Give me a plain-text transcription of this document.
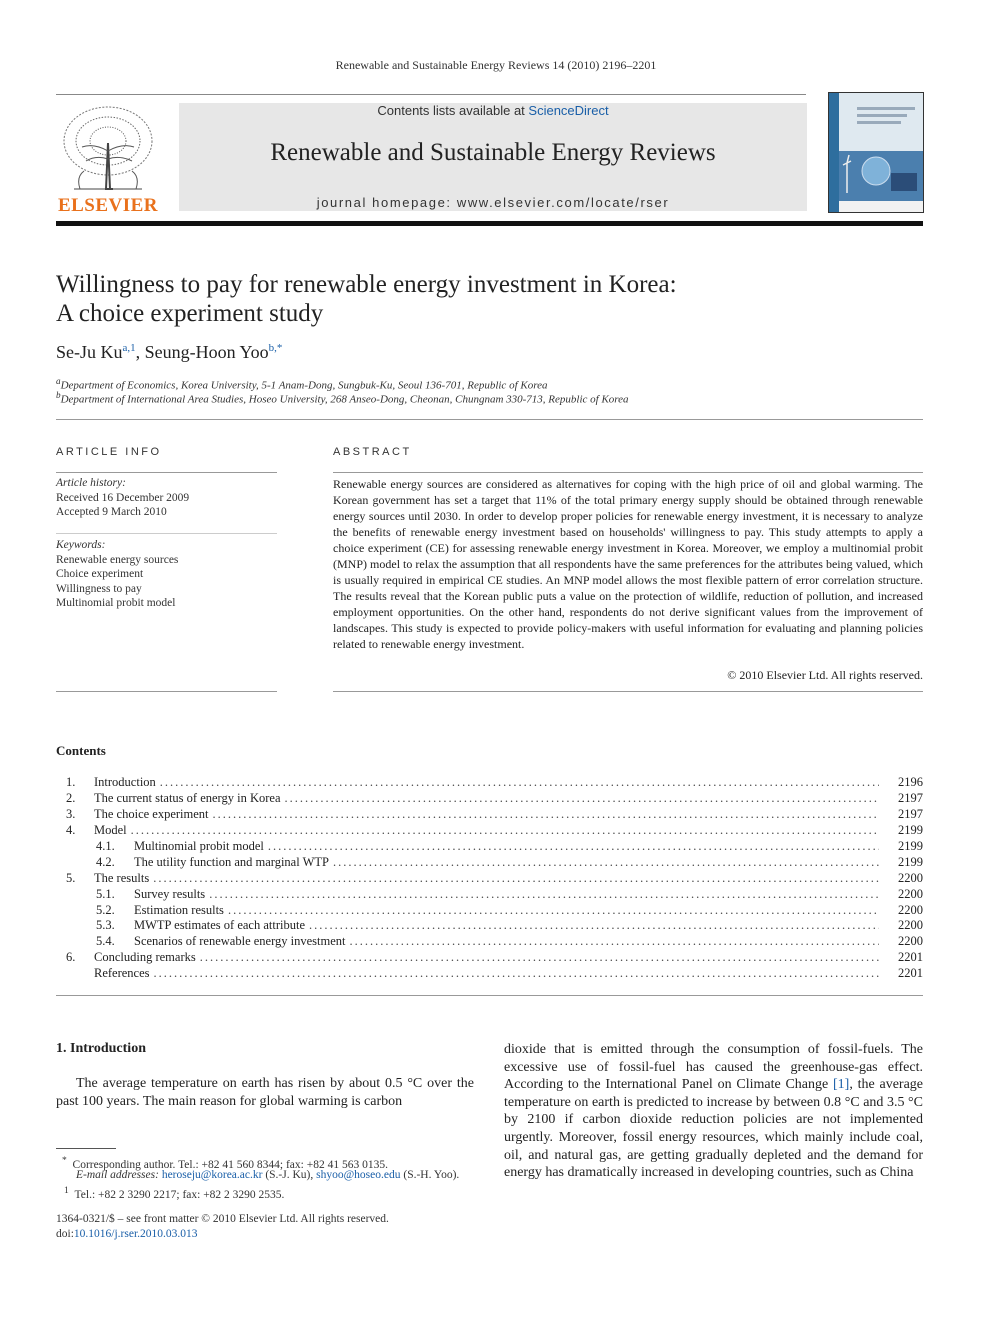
Renewable and Sustainable Energy Reviews 14 (2010) 2196–2201
ELSEVIER
Contents lists available at ScienceDirect
Renewable and Sustainable Energy Reviews
journal homepage: www.elsevier.com/locate/rser
Willingness to pay for renewable energy investment in Korea:
A choice experiment study
Se-Ju Ku$^{a,1}$, Seung-Hoon Yoo$^{b,*}$
$^a$Department of Economics, Korea University, 5-1 Anam-Dong, Sungbuk-Ku, Seoul 136-701, Republic of Korea
$^b$Department of International Area Studies, Hoseo University, 268 Anseo-Dong, Cheonan, Chungnam 330-713, Republic of Korea
ARTICLE INFO
Article history:
Received 16 December 2009
Accepted 9 March 2010
Keywords:
Renewable energy sources
Choice experiment
Willingness to pay
Multinomial probit model
ABSTRACT
Renewable energy sources are considered as alternatives for coping with the high price of oil and global warming. The Korean government has set a target that 11% of the total primary energy supply should be obtained through renewable energy sources until 2030. In order to develop proper policies for renewable energy investment, it is necessary to analyze the benefits of renewable energy investment based on households' willingness to pay. This study attempts to apply a choice experiment (CE) for assessing renewable energy investment in Korea. Moreover, we employ a multinomial probit (MNP) model to relax the assumption that all respondents have the same preferences for the attributes being valued, which is usually required in empirical CE studies. An MNP model allows the most flexible pattern of error correlation structure. The results reveal that the Korean public puts a value on the protection of wildlife, reduction of pollution, and increased employment opportunities. On the other hand, respondents do not derive significant values from the improvement of landscapes. This study is expected to provide policy-makers with useful information for evaluating and planning policies related to renewable energy investment.
© 2010 Elsevier Ltd. All rights reserved.
Contents
1.	Introduction .....	2196
2.	The current status of energy in Korea .....	2197
3.	The choice experiment .....	2197
4.	Model .....	2199
4.1.	Multinomial probit model .....	2199
4.2.	The utility function and marginal WTP .....	2199
5.	The results .....	2200
5.1.	Survey results .....	2200
5.2.	Estimation results .....	2200
5.3.	MWTP estimates of each attribute .....	2200
5.4.	Scenarios of renewable energy investment .....	2200
6.	Concluding remarks .....	2201
References .....	2201
1. Introduction
The average temperature on earth has risen by about 0.5 °C over the past 100 years. The main reason for global warming is carbon
dioxide that is emitted through the consumption of fossil-fuels. The excessive use of fossil-fuel has caused the greenhouse-gas effect. According to the International Panel on Climate Change [1], the average temperature on earth is predicted to increase by between 0.8 °C and 3.5 °C by 2100 if carbon dioxide reduction policies are not implemented urgently. Moreover, fossil energy resources, which mainly include coal, oil, and natural gas, are getting gradually depleted and the demand for energy has dramatically increased in developing countries, such as China
* Corresponding author. Tel.: +82 41 560 8344; fax: +82 41 563 0135.
E-mail addresses: heroseju@korea.ac.kr (S.-J. Ku), shyoo@hoseo.edu (S.-H. Yoo).
$^1$ Tel.: +82 2 3290 2217; fax: +82 2 3290 2535.
1364-0321/$ – see front matter © 2010 Elsevier Ltd. All rights reserved.
doi:10.1016/j.rser.2010.03.013
